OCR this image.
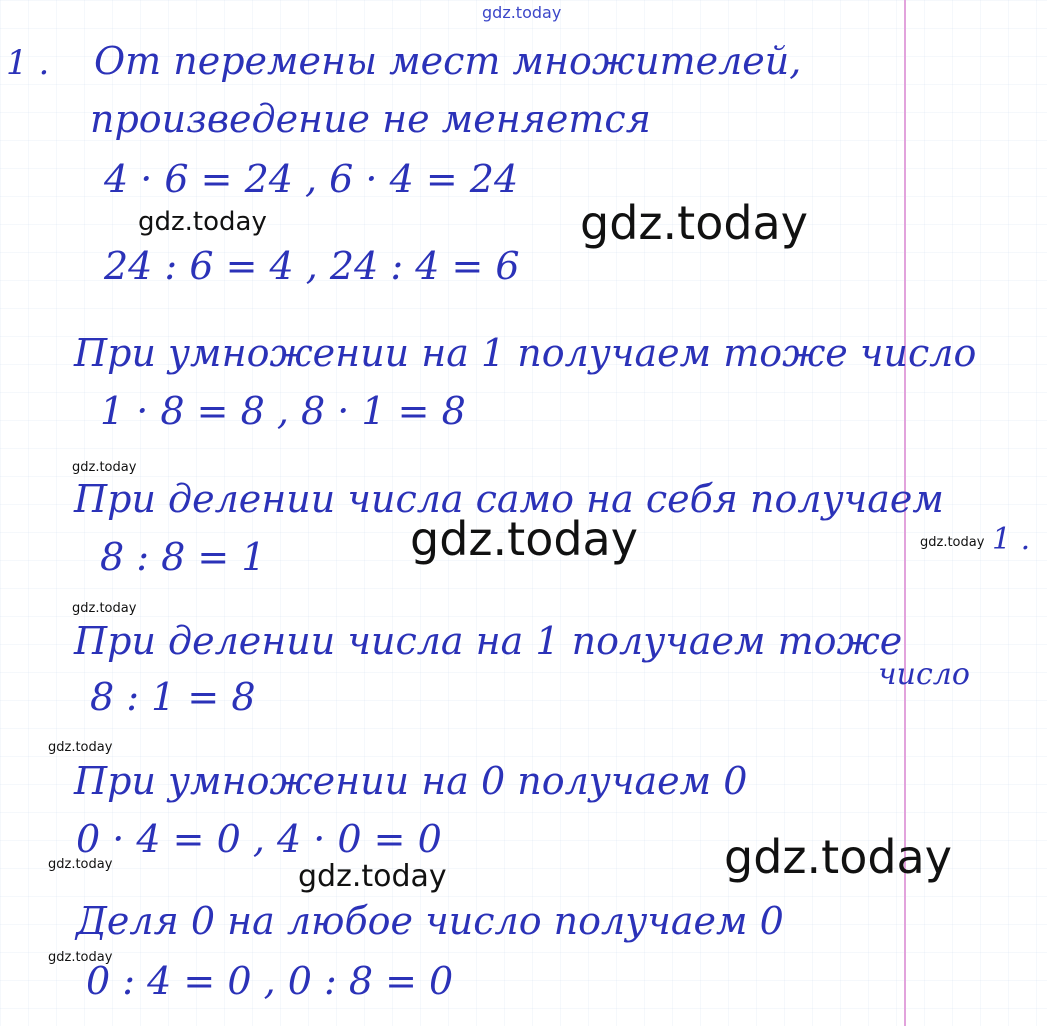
gdz.today
gdz.today	gdz.today
gdz.today
gdz.today	gdz.today
gdz.today
gdz.today
gdz.today
gdz.today	gdz.today
gdz.today
1 . От перемены мест множителей,
произведение не меняется
4 · 6 = 24 , 6 · 4 = 24
24 : 6 = 4 , 24 : 4 = 6
При умножении на 1 получаем тоже число
1 · 8 = 8 , 8 · 1 = 8
При делении числа само на себя получаем
1 .
8 : 8 = 1
При делении числа на 1 получаем тоже
число
8 : 1 = 8
При умножении на 0 получаем 0
0 · 4 = 0 , 4 · 0 = 0
Деля 0 на любое число получаем 0
0 : 4 = 0 , 0 : 8 = 0
